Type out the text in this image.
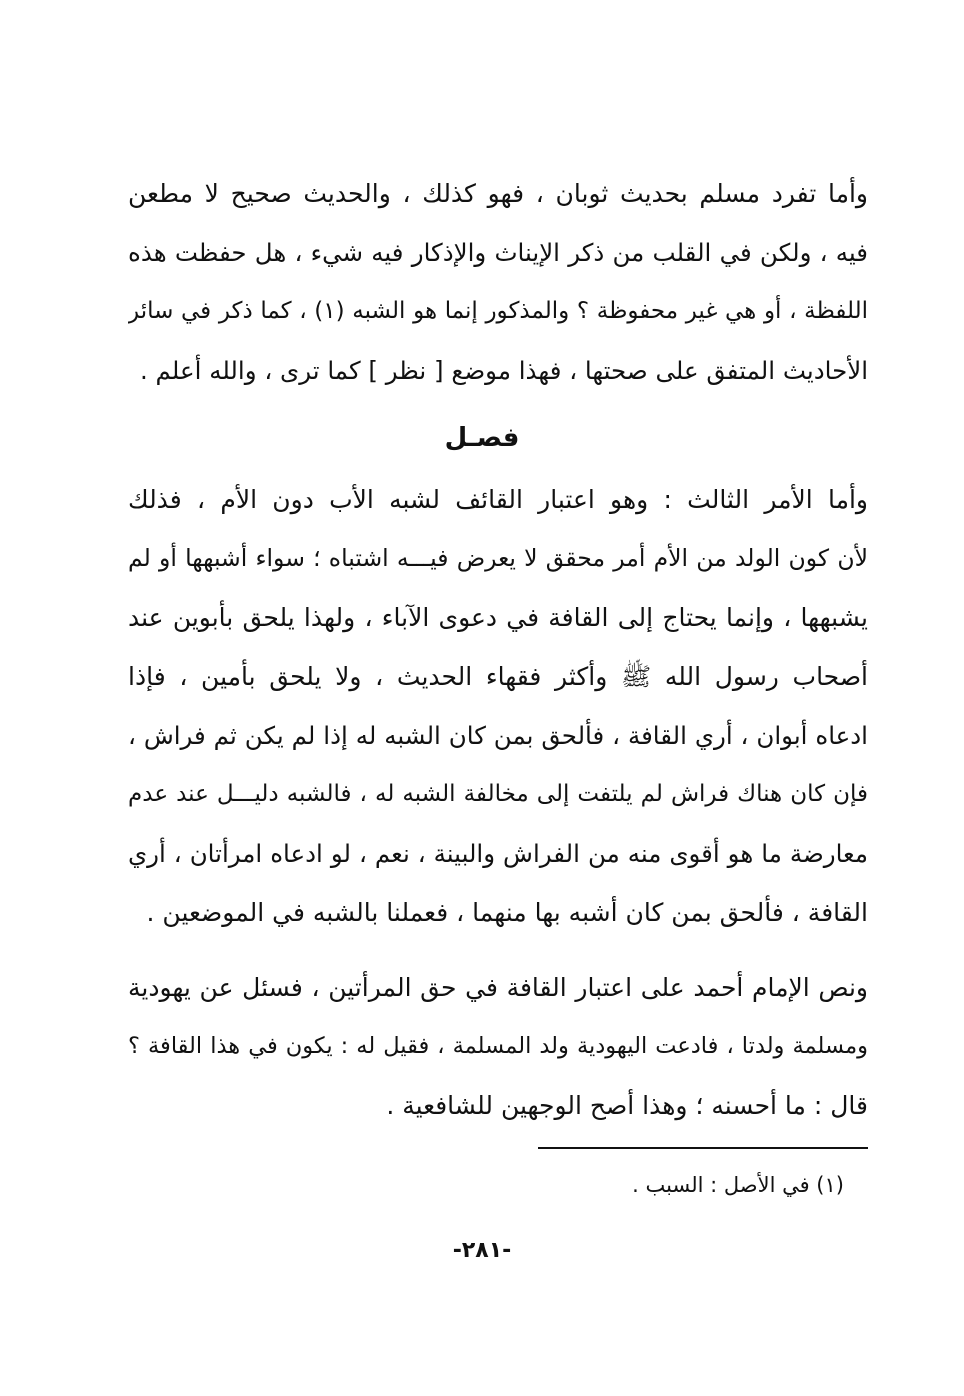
وأما تفرد مسلم بحديث ثوبان ، فهو كذلك ، والحديث صحيح لا مطعن
فيه ، ولكن في القلب من ذكر الإيناث والإذكار فيه شيء ، هل حفظت هذه
اللفظة ، أو هي غير محفوظة ؟ والمذكور إنما هو الشبه (١) ، كما ذكر في سائر
الأحاديث المتفق على صحتها ، فهذا موضع [ نظر ] كما ترى ، والله أعلم .
فصـل
وأما الأمر الثالث : وهو اعتبار القائف لشبه الأب دون الأم ، فذلك
لأن كون الولد من الأم أمر محقق لا يعرض فيـــه اشتباه ؛ سواء أشبهها أو لم
يشبهها ، وإنما يحتاج إلى القافة في دعوى الآباء ، ولهذا يلحق بأبوين عند
أصحاب رسول الله ﷺ وأكثر فقهاء الحديث ، ولا يلحق بأمين ، فإذا
ادعاه أبوان ، أري القافة ، فألحق بمن كان الشبه له إذا لم يكن ثم فراش ،
فإن كان هناك فراش لم يلتفت إلى مخالفة الشبه له ، فالشبه دليـــل عند عدم
معارضة ما هو أقوى منه من الفراش والبينة ، نعم ، لو ادعاه امرأتان ، أري
القافة ، فألحق بمن كان أشبه بها منهما ، فعملنا بالشبه في الموضعين .
ونص الإمام أحمد على اعتبار القافة في حق المرأتين ، فسئل عن يهودية
ومسلمة ولدتا ، فادعت اليهودية ولد المسلمة ، فقيل له : يكون في هذا القافة ؟
قال : ما أحسنه ؛ وهذا أصح الوجهين للشافعية .
(١) في الأصل : السبب .
-٢٨١-
